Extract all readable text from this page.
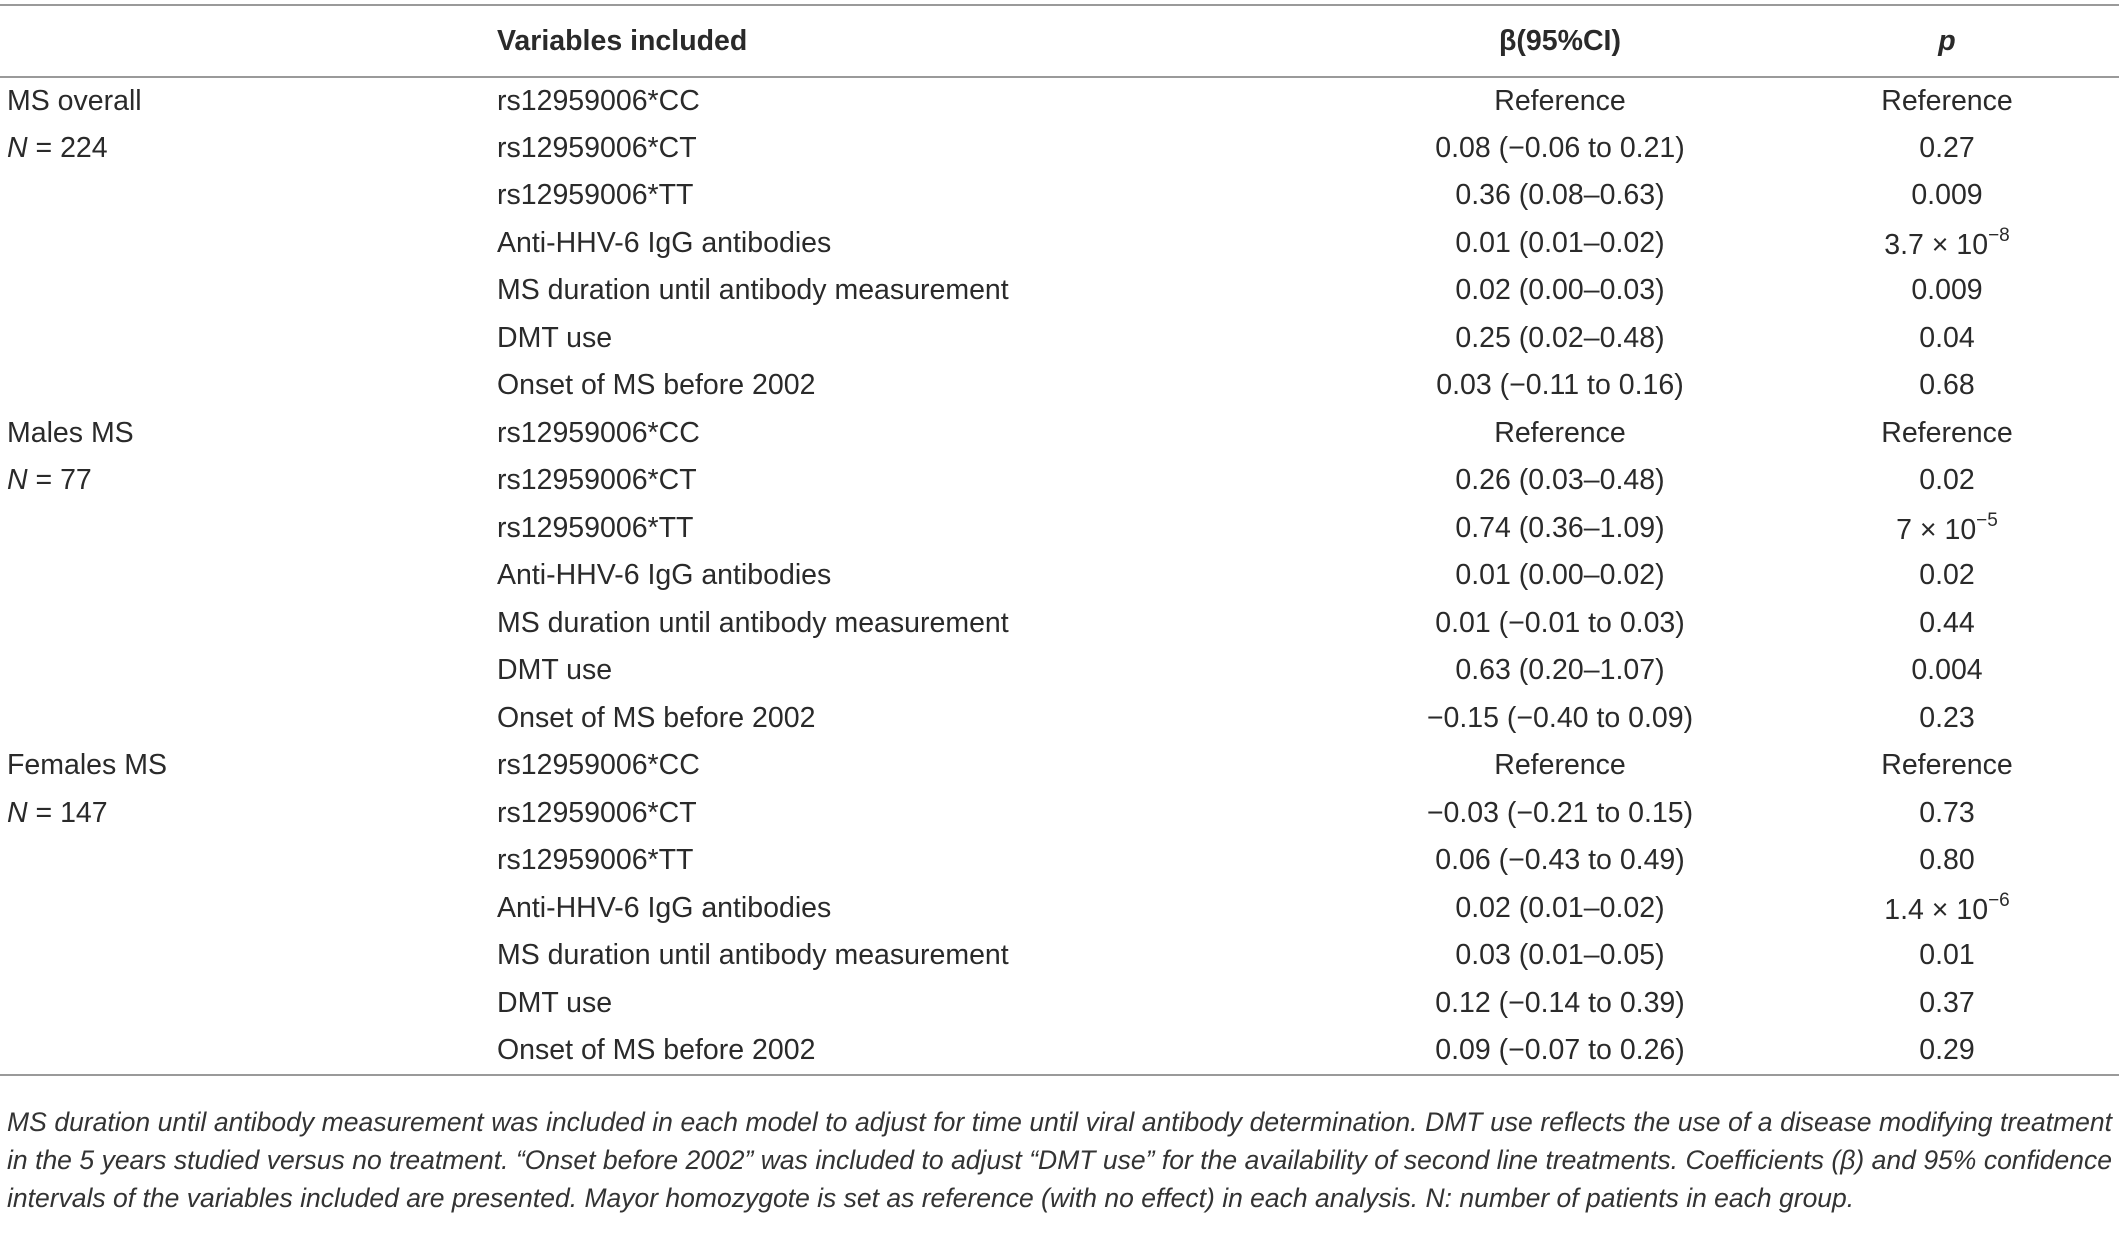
	Variables included	β(95%CI)	p
MS overall	rs12959006*CC	Reference	Reference
N = 224	rs12959006*CT	0.08 (−0.06 to 0.21)	0.27
	rs12959006*TT	0.36 (0.08–0.63)	0.009
	Anti-HHV-6 IgG antibodies	0.01 (0.01–0.02)	$3.7 \times 10^{-8}$
	MS duration until antibody measurement	0.02 (0.00–0.03)	0.009
	DMT use	0.25 (0.02–0.48)	0.04
	Onset of MS before 2002	0.03 (−0.11 to 0.16)	0.68
Males MS	rs12959006*CC	Reference	Reference
N = 77	rs12959006*CT	0.26 (0.03–0.48)	0.02
	rs12959006*TT	0.74 (0.36–1.09)	$7 \times 10^{-5}$
	Anti-HHV-6 IgG antibodies	0.01 (0.00–0.02)	0.02
	MS duration until antibody measurement	0.01 (−0.01 to 0.03)	0.44
	DMT use	0.63 (0.20–1.07)	0.004
	Onset of MS before 2002	−0.15 (−0.40 to 0.09)	0.23
Females MS	rs12959006*CC	Reference	Reference
N = 147	rs12959006*CT	−0.03 (−0.21 to 0.15)	0.73
	rs12959006*TT	0.06 (−0.43 to 0.49)	0.80
	Anti-HHV-6 IgG antibodies	0.02 (0.01–0.02)	$1.4 \times 10^{-6}$
	MS duration until antibody measurement	0.03 (0.01–0.05)	0.01
	DMT use	0.12 (−0.14 to 0.39)	0.37
	Onset of MS before 2002	0.09 (−0.07 to 0.26)	0.29
MS duration until antibody measurement was included in each model to adjust for time until viral antibody determination. DMT use reflects the use of a disease modifying treatment in the 5 years studied versus no treatment. “Onset before 2002” was included to adjust “DMT use” for the availability of second line treatments. Coefficients (β) and 95% confidence intervals of the variables included are presented. Mayor homozygote is set as reference (with no effect) in each analysis. N: number of patients in each group.
